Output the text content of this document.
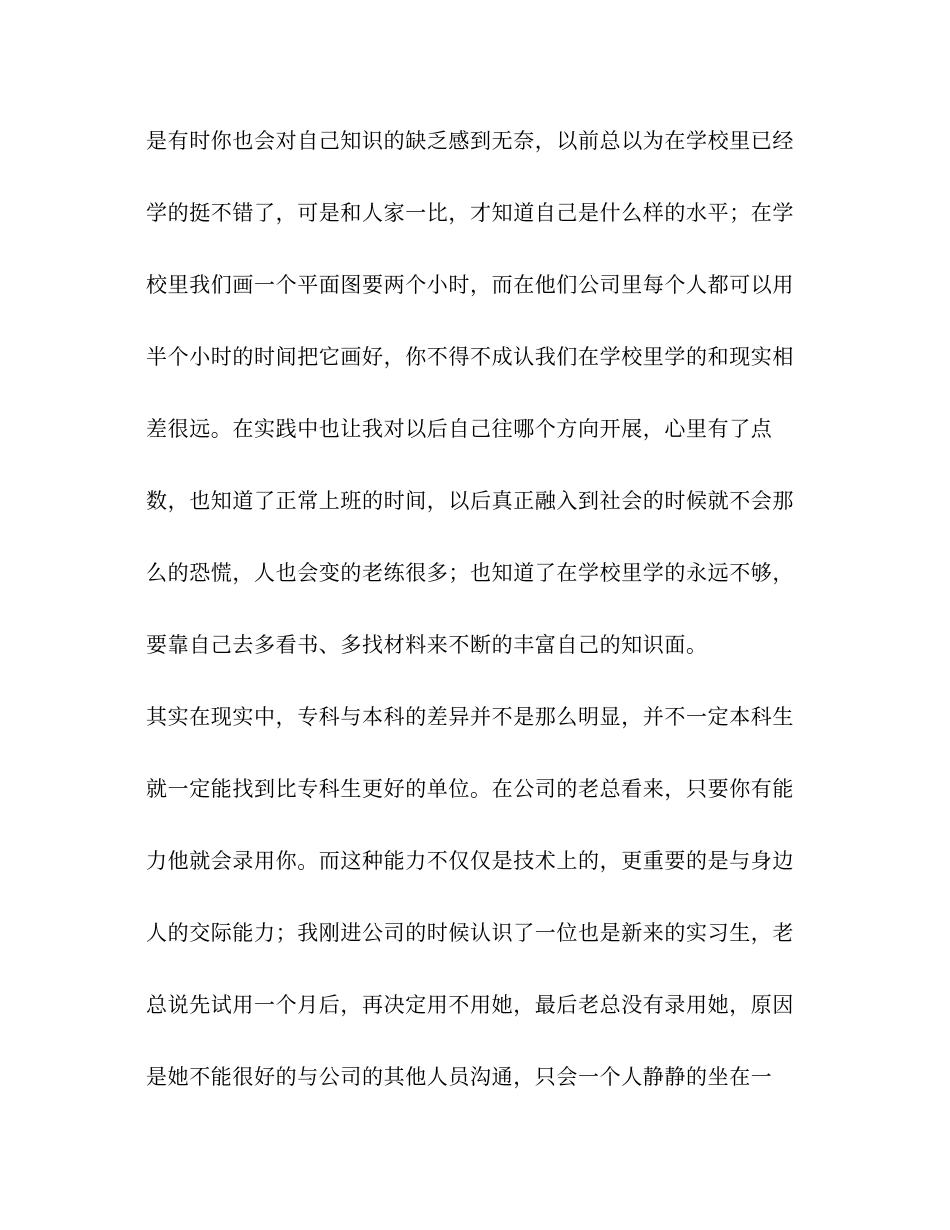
是有时你也会对自己知识的缺乏感到无奈，以前总以为在学校里已经
学的挺不错了，可是和人家一比，才知道自己是什么样的水平；在学
校里我们画一个平面图要两个小时，而在他们公司里每个人都可以用
半个小时的时间把它画好，你不得不成认我们在学校里学的和现实相
差很远。在实践中也让我对以后自己往哪个方向开展，心里有了点
数，也知道了正常上班的时间，以后真正融入到社会的时候就不会那
么的恐慌，人也会变的老练很多；也知道了在学校里学的永远不够，
要靠自己去多看书、多找材料来不断的丰富自己的知识面。
其实在现实中，专科与本科的差异并不是那么明显，并不一定本科生
就一定能找到比专科生更好的单位。在公司的老总看来，只要你有能
力他就会录用你。而这种能力不仅仅是技术上的，更重要的是与身边
人的交际能力；我刚进公司的时候认识了一位也是新来的实习生，老
总说先试用一个月后，再决定用不用她，最后老总没有录用她，原因
是她不能很好的与公司的其他人员沟通，只会一个人静静的坐在一
